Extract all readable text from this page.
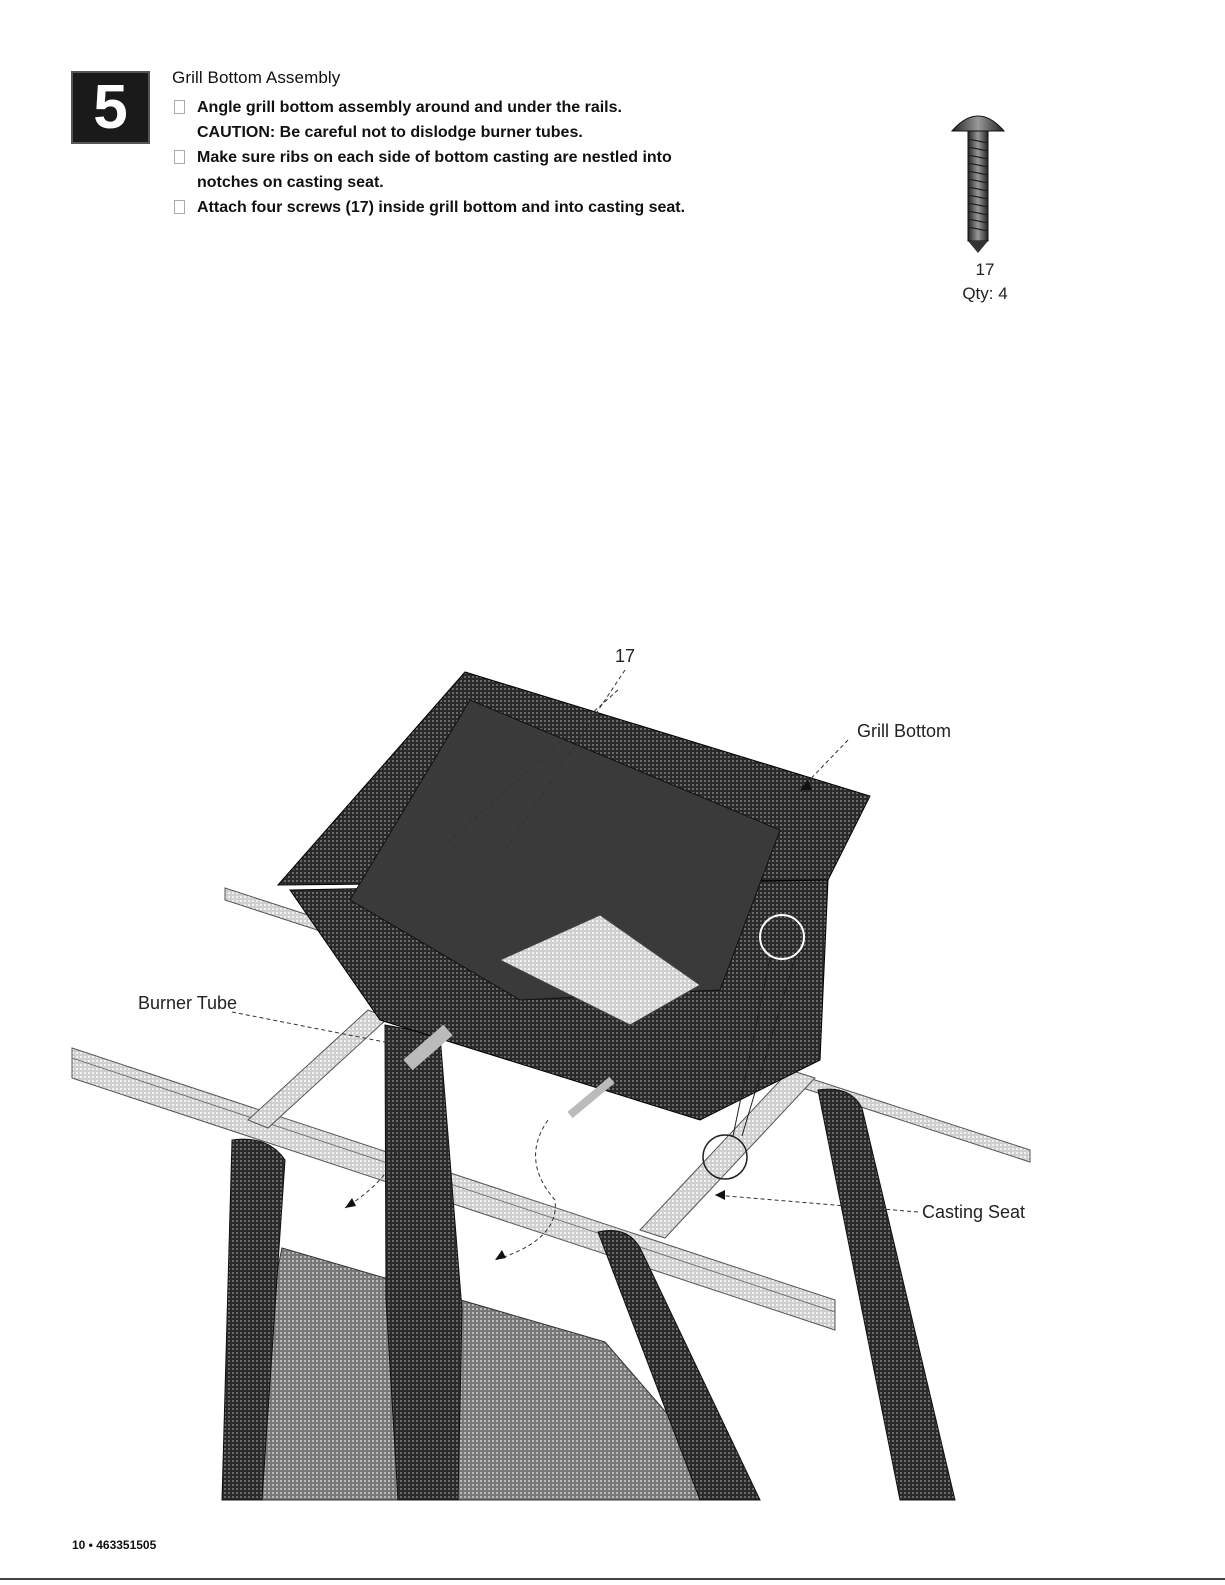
5	Grill Bottom Assembly
Angle grill bottom assembly around and under the rails.
CAUTION: Be careful not to dislodge burner tubes.
Make sure ribs on each side of bottom casting are nestled into
notches on casting seat.
Attach four screws (17) inside grill bottom and into casting seat.
17
Qty: 4
17
Grill Bottom
Burner Tube
Casting Seat
10 • 463351505
